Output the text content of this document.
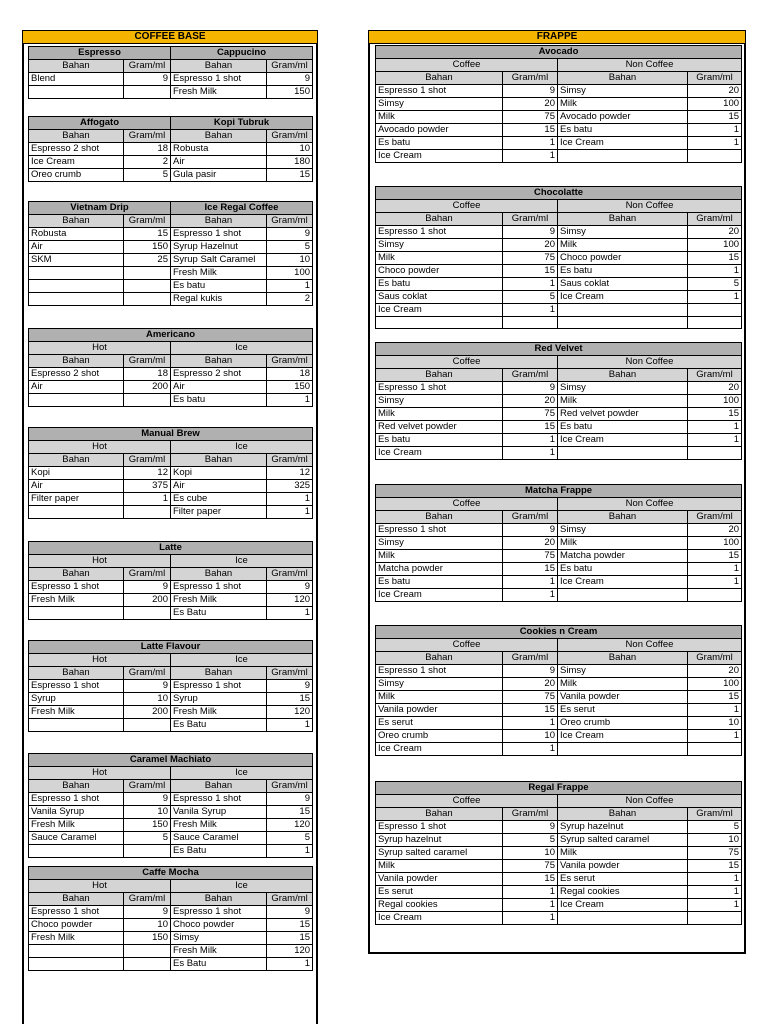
COFFEE BASE	FRAPPE
Espresso		Cappucino	
Bahan	Gram/ml	Bahan	Gram/ml
Blend	9	Espresso 1 shot	9
		Fresh Milk	150
Affogato		Kopi Tubruk	
Bahan	Gram/ml	Bahan	Gram/ml
Espresso 2 shot	18	Robusta	10
Ice Cream	2	Air	180
Oreo crumb	5	Gula pasir	15
Vietnam Drip		Ice Regal Coffee	
Bahan	Gram/ml	Bahan	Gram/ml
Robusta	15	Espresso 1 shot	9
Air	150	Syrup Hazelnut	5
SKM	25	Syrup Salt Caramel	10
		Fresh Milk	100
		Es batu	1
		Regal kukis	2
Americano			
Hot		Ice	
Bahan	Gram/ml	Bahan	Gram/ml
Espresso 2 shot	18	Espresso 2 shot	18
Air	200	Air	150
		Es batu	1
Manual Brew			
Hot		Ice	
Bahan	Gram/ml	Bahan	Gram/ml
Kopi	12	Kopi	12
Air	375	Air	325
Filter paper	1	Es cube	1
		Filter paper	1
Latte			
Hot		Ice	
Bahan	Gram/ml	Bahan	Gram/ml
Espresso 1 shot	9	Espresso 1 shot	9
Fresh Milk	200	Fresh Milk	120
		Es Batu	1
Latte Flavour			
Hot		Ice	
Bahan	Gram/ml	Bahan	Gram/ml
Espresso 1 shot	9	Espresso 1 shot	9
Syrup	10	Syrup	15
Fresh Milk	200	Fresh Milk	120
		Es Batu	1
Caramel Machiato			
Hot		Ice	
Bahan	Gram/ml	Bahan	Gram/ml
Espresso 1 shot	9	Espresso 1 shot	9
Vanila Syrup	10	Vanila Syrup	15
Fresh Milk	150	Fresh Milk	120
Sauce Caramel	5	Sauce Caramel	5
		Es Batu	1
Caffe Mocha			
Hot		Ice	
Bahan	Gram/ml	Bahan	Gram/ml
Espresso 1 shot	9	Espresso 1 shot	9
Choco powder	10	Choco powder	15
Fresh Milk	150	Simsy	15
		Fresh Milk	120
		Es Batu	1
Avocado			
Coffee		Non Coffee	
Bahan	Gram/ml	Bahan	Gram/ml
Espresso 1 shot	9	Simsy	20
Simsy	20	Milk	100
Milk	75	Avocado powder	15
Avocado powder	15	Es batu	1
Es batu	1	Ice Cream	1
Ice Cream	1		
Chocolatte			
Coffee		Non Coffee	
Bahan	Gram/ml	Bahan	Gram/ml
Espresso 1 shot	9	Simsy	20
Simsy	20	Milk	100
Milk	75	Choco powder	15
Choco powder	15	Es batu	1
Es batu	1	Saus coklat	5
Saus coklat	5	Ice Cream	1
Ice Cream	1		

Red Velvet			
Coffee		Non Coffee	
Bahan	Gram/ml	Bahan	Gram/ml
Espresso 1 shot	9	Simsy	20
Simsy	20	Milk	100
Milk	75	Red velvet powder	15
Red velvet powder	15	Es batu	1
Es batu	1	Ice Cream	1
Ice Cream	1		
Matcha Frappe			
Coffee		Non Coffee	
Bahan	Gram/ml	Bahan	Gram/ml
Espresso 1 shot	9	Simsy	20
Simsy	20	Milk	100
Milk	75	Matcha powder	15
Matcha powder	15	Es batu	1
Es batu	1	Ice Cream	1
Ice Cream	1		
Cookies n Cream			
Coffee		Non Coffee	
Bahan	Gram/ml	Bahan	Gram/ml
Espresso 1 shot	9	Simsy	20
Simsy	20	Milk	100
Milk	75	Vanila powder	15
Vanila powder	15	Es serut	1
Es serut	1	Oreo crumb	10
Oreo crumb	10	Ice Cream	1
Ice Cream	1		
Regal Frappe			
Coffee		Non Coffee	
Bahan	Gram/ml	Bahan	Gram/ml
Espresso 1 shot	9	Syrup hazelnut	5
Syrup hazelnut	5	Syrup salted caramel	10
Syrup salted caramel	10	Milk	75
Milk	75	Vanila powder	15
Vanila powder	15	Es serut	1
Es serut	1	Regal cookies	1
Regal cookies	1	Ice Cream	1
Ice Cream	1		
